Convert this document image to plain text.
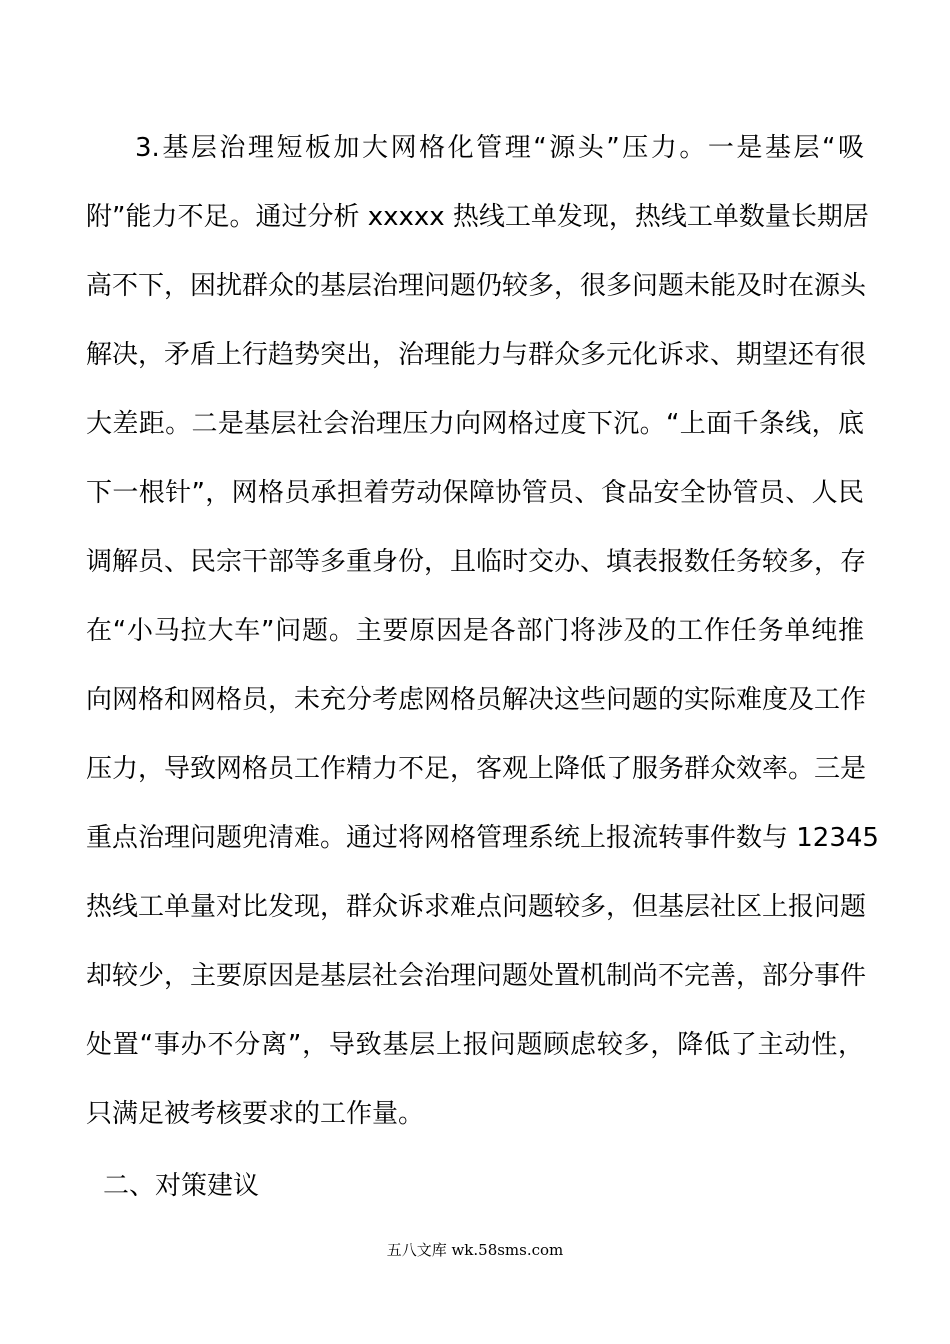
3.基层治理短板加大网格化管理“源头”压力。一是基层“吸
附”能力不足。通过分析 xxxxx 热线工单发现，热线工单数量长期居
高不下，困扰群众的基层治理问题仍较多，很多问题未能及时在源头
解决，矛盾上行趋势突出，治理能力与群众多元化诉求、期望还有很
大差距。二是基层社会治理压力向网格过度下沉。“上面千条线，底
下一根针”，网格员承担着劳动保障协管员、食品安全协管员、人民
调解员、民宗干部等多重身份，且临时交办、填表报数任务较多，存
在“小马拉大车”问题。主要原因是各部门将涉及的工作任务单纯推
向网格和网格员，未充分考虑网格员解决这些问题的实际难度及工作
压力，导致网格员工作精力不足，客观上降低了服务群众效率。三是
重点治理问题兜清难。通过将网格管理系统上报流转事件数与 12345
热线工单量对比发现，群众诉求难点问题较多，但基层社区上报问题
却较少，主要原因是基层社会治理问题处置机制尚不完善，部分事件
处置“事办不分离”，导致基层上报问题顾虑较多，降低了主动性，
只满足被考核要求的工作量。
二、对策建议
五八文库 wk.58sms.com
